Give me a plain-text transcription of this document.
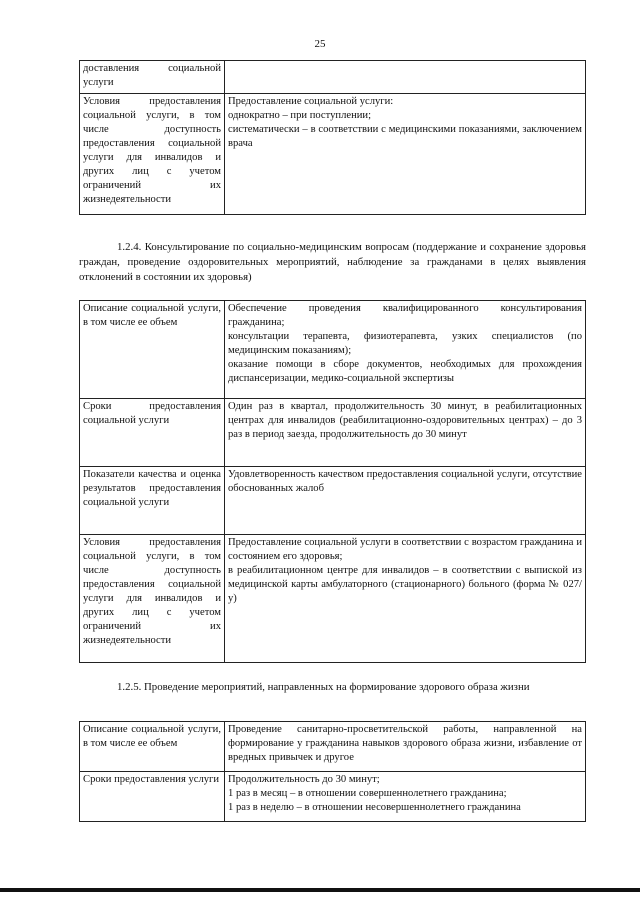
25
доставления социальной услуги	
Условия предоставления социальной услуги, в том числе доступность предоставления социальной услуги для инвалидов и других лиц с учетом ограничений их жизнедеятельности	Предоставление социальной услуги:
однократно – при поступлении;
систематически – в соответствии с медицинскими показаниями, заключением врача
1.2.4. Консультирование по социально-медицинским вопросам (поддержание и сохранение здоровья граждан, проведение оздоровительных мероприятий, наблюдение за гражданами в целях выявления отклонений в состоянии их здоровья)
Описание социальной услуги, в том числе ее объем	Обеспечение проведения квалифицированного консультирования гражданина;
консультации терапевта, физиотерапевта, узких специалистов (по медицинским показаниям);
оказание помощи в сборе документов, необходимых для прохождения диспансеризации, медико-социальной экспертизы

Сроки предоставления социальной услуги	Один раз в квартал, продолжительность 30 минут, в реабилитационных центрах для инвалидов (реабилитационно-оздоровительных центрах) – до 3 раз в период заезда, продолжительность до 30 минут

Показатели качества и оценка результатов предоставления социальной услуги	Удовлетворенность качеством предоставления социальной услуги, отсутствие обоснованных жалоб

Условия предоставления социальной услуги, в том числе доступность предоставления социальной услуги для инвалидов и других лиц с учетом ограничений их жизнедеятельности	Предоставление социальной услуги в соответствии с возрастом гражданина и состоянием его здоровья;
в реабилитационном центре для инвалидов – в соответствии с выпиской из медицинской карты амбулаторного (стационарного) больного (форма № 027/у)
1.2.5. Проведение мероприятий, направленных на формирование здорового образа жизни
Описание социальной услуги, в том числе ее объем	Проведение санитарно-просветительской работы, направленной на формирование у гражданина навыков здорового образа жизни, избавление от вредных привычек и другое

Сроки предоставления услуги	Продолжительность до 30 минут;
1 раз в месяц – в отношении совершеннолетнего гражданина;
1 раз в неделю – в отношении несовершеннолетнего гражданина
